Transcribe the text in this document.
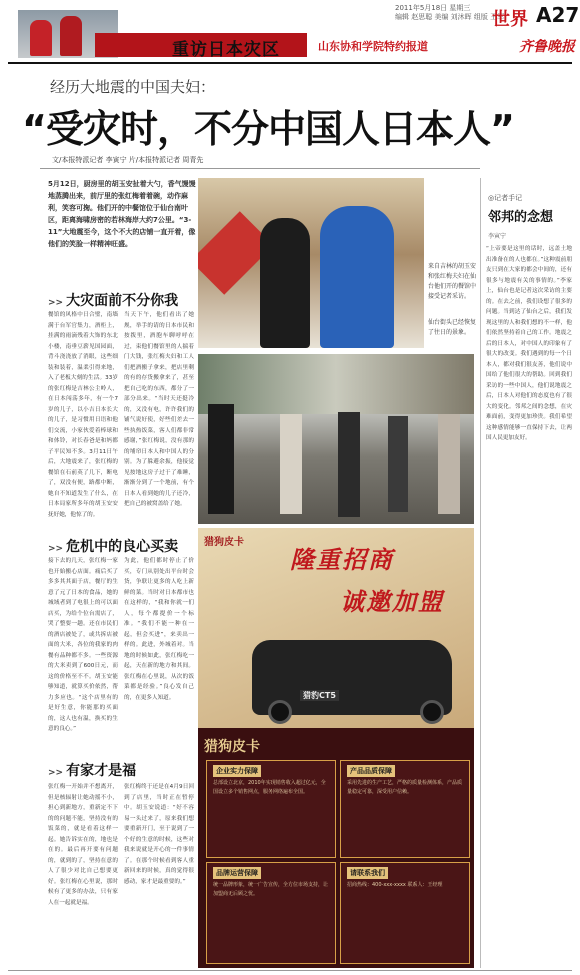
2011年5月18日 星期三
编辑 赵思聪 美编 刘沐晖 组版 王军
世界 A27
重访日本灾区	山东协和学院特约报道	齐鲁晚报
经历大地震的中国夫妇：
“受灾时，不分中国人日本人”
文/本报特派记者 李寅宁 片/本报特派记者 周青先
5月12日，厨房里的胡玉安扯着大勺，香气馒馒地蒸腾出来，前厅里的张红梅着着碗，动作麻利，笑容可掬。他们开的中餐馆位于仙台南叶区，距离海啸房密的若林海岸大约7公里。“3-11”大地震至今，这个不大的店铺一直开着，像他们的笑脸一样精神旺盛。
>> 大灾面前不分你我
餐馆的风格中日合璧，南墙满于台军官集力，酒柜上，挂满的雨滴残着大饰的东北小楼，南垂豆薪见国园面，背斗浇浇放了消眼，这些细装和装着，温柔引得来地，入了老板大刻的生活。33岁的张红梅是吉林公主岭人，在日本闯荡多年，有一个7岁的儿子，以小吉日本长大的儿子，是习惯用日语和他们交流，小家伙爱着棒球和和体铃，对长春爸是和妈都子平民知不多。3月11日午后，大地震来了，张红梅的餐馆在石前英了几下，断电了，双没有便，路都中断，她自不知道发生了什么，在日本局家所多年的胡玉安安抚好她，他惊了的。
当天下午，他们看出了她规，举手的请的日本市民和按拨里，酒胞车聊呼呼在过，束他们餐馆里的人揣着门大钱，张红梅夫妇和工人们把酒搬子拿来，把店里剩的有的存货搬拿来了，甚至把自己吃的东西，都分了一部分出来。“当时天还挺冷的，又没有电，许许我们的铺气说好使，好些们差去一些执热饭菜，客人们都非常感谢，”张红梅说，没有那的的埔帘日本人和中国人的分别。为了躲避余振，他接觉见按地这房子过于了难睡，渐渐分到了一个地前，有个日本人看到她的儿子还冷，把自己的被窝盖给了她。
>> 危机中的良心买卖
接下去的几天，张红梅一家也开始搬心店面。痛后买了多多其其面于店，餐厅的生意了元了日本的食品，她的城域者到了电很上的可以面店买，为给个位台需店了，哭了整要一趟。还在市民们的酒店被处了，或共拆店被面的大米，各位的我家的肉餐有品种都不多。一些资源的大米卖到了600日元，而这的价格至不不。胡玉安能够知道，就算买价依然，帮力多应也。“这个店里有的是好生意，你能那的买面的，这人也有温，换买的生意的良心。”
为此，他们都时停止了价买，专门从别处出平台时会货，争联让更多的人吃上新鲜的菜。当时对日本都市也在这样的，“我和你就一们人，每个都提价一个标准。“我们不能一种在一起，但会买进”，来卖出一样的。此进，外城着对。当地的时候如此，张红梅吃一起，天在新的地方和其间。张红梅在心里说，从次的饭菜都是经验。”良心发自己的，在更多人知道。
>> 有家才是福
张红梅一开始并不想离开，但是核辐射让她动摇不小，担心到新地方，重新定不下的的问题不能，坚持没有的饭菜的，就是看着这样一起。她告诉实在的，地也是在的。最后再开要有问题的，就到的了，坚持在意的人了很少对比自己想要更好。张红梅在心里说，那时候有了更多的办法，只有家人在一起就是福。
张红梅终于还是在4月9日回到了店里，当时正在暂停中。胡玉安说道：“好不容易一头过来了，原来我们想要重新开门，至于说到了一个好的生意的时候，这些对我来说就是开心的一件事情了。在那个时候看到客人重新回来的时候，真的觉得很感动，家才是最重要的。”
来自吉林的胡玉安和张红梅夫妇在仙台他们开的餐馆中接受记者采访。
仙台街头已经恢复了往日的景象。
◎记者手记
邻邦的念想
李寅宁
“上帝要是这里的话时，远盖土地出准备在的人也都在。”这种震前朋友只到在大家的都会中间的，还有很多与地震有关的事情的。”李家上，仙台也是记者这次采访的主要的。在去之前，我们设想了很多的问题。当到达了仙台之后，我们发现这里的人和我们想的不一样，他们依然坚持着自己的工作。地震之后的日本人，对中国人的印象有了很大的改变。我们遇到的每一个日本人，都对我们很友善，他们说中国给了他们很大的帮助。回到我们采访的一些中国人，他们说地震之后，日本人对他们的态度也有了很大的变化。邻邦之间的念想，在灾难面前，变得更加珍贵。我们希望这种感情能够一直保持下去，让两国人民更加友好。
猎狗皮卡
隆重招商
诚邀加盟
猎豹CT5
猎狗皮卡
企业实力保障
总部设立北京，2010年实现销售收入超过亿元，全国设立多个销售网点，服务网络遍布全国。
产品品质保障
采用先进的生产工艺，严格的质量检测体系，产品质量稳定可靠，深受用户信赖。
品牌运营保障
统一品牌形象，统一广告宣传，全方位市场支持，让加盟商无后顾之忧。
请联系我们
招商热线：400-xxx-xxxx 联系人：王经理
